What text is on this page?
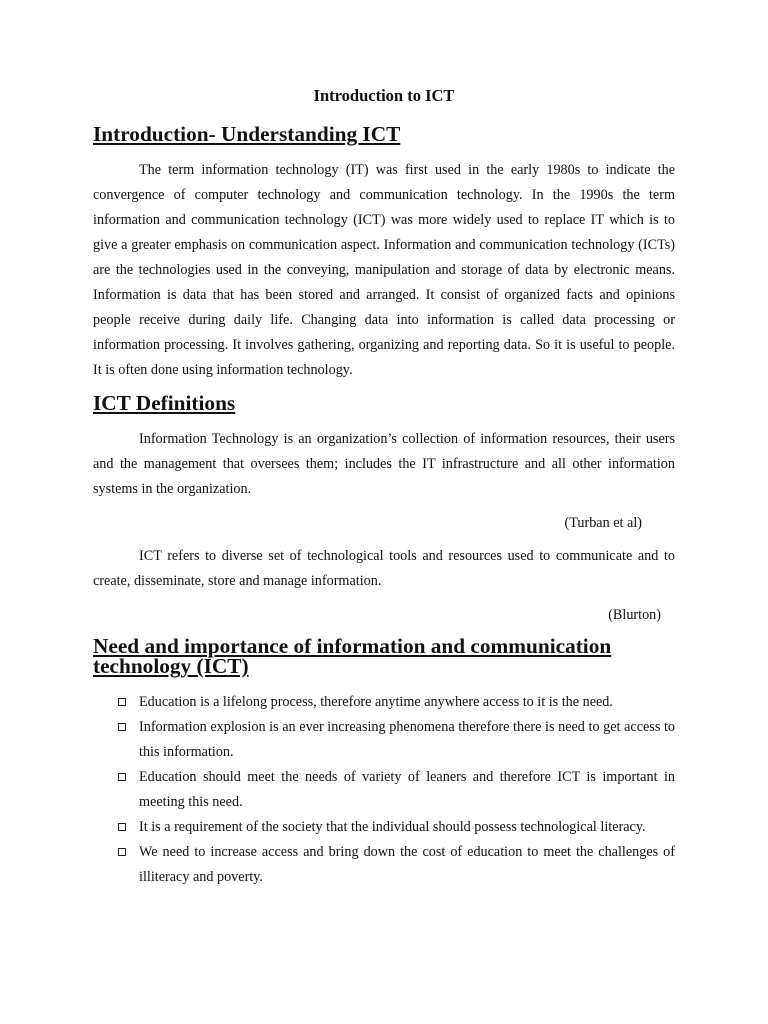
Introduction to ICT
Introduction- Understanding ICT

The term information technology (IT) was first used in the early 1980s to indicate the convergence of computer technology and communication technology. In the 1990s the term information and communication technology (ICT) was more widely used to replace IT which is to give a greater emphasis on communication aspect. Information and communication technology (ICTs) are the technologies used in the conveying, manipulation and storage of data by electronic means. Information is data that has been stored and arranged. It consist of organized facts and opinions people receive during daily life. Changing data into information is called data processing or information processing. It involves gathering, organizing and reporting data. So it is useful to people. It is often done using information technology.

ICT Definitions

Information Technology is an organization’s collection of information resources, their users and the management that oversees them; includes the IT infrastructure and all other information systems in the organization.

(Turban et al)

ICT refers to diverse set of technological tools and resources used to communicate and to create, disseminate, store and manage information.

(Blurton)

Need and importance of information and communication technology (ICT)
Education is a lifelong process, therefore anytime anywhere access to it is the need.
Information explosion is an ever increasing phenomena therefore there is need to get access to this information.
Education should meet the needs of variety of leaners and therefore ICT is important in meeting this need.
It is a requirement of the society that the individual should possess technological literacy.
We need to increase access and bring down the cost of education to meet the challenges of illiteracy and poverty.
